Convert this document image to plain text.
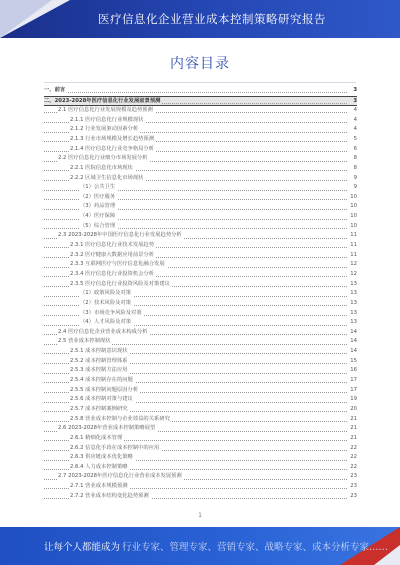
医疗信息化企业营业成本控制策略研究报告
内容目录
一、前言	3
二、2023-2028年医疗信息化行业发展前景预测	3
2.1 医疗信息化行业发展规模及趋势预测	4
2.1.1 医疗信息化行业规模现状	4
2.1.2 行业发展驱动因素分析	4
2.1.3 行业市场规模及增长趋势预测	5
2.1.4 医疗信息化行业竞争格局分析	6
2.2 医疗信息化行业细分市场发展分析	8
2.2.1 医院信息化市场现状	8
2.2.2 区域卫生信息化市场现状	9
（1）公共卫生	9
（2）医疗服务	10
（3）药品管理	10
（4）医疗保障	10
（5）综合管理	10
2.3 2023-2028年中国医疗信息化行业发展趋势分析	11
2.3.1 医疗信息化行业技术发展趋势	11
2.3.2 医疗健康大数据应用前景分析	11
2.3.3 互联网医疗与医疗信息化融合发展	12
2.3.4 医疗信息化行业投资机会分析	12
2.3.5 医疗信息化行业投资风险及对策建议	13
（1）政策风险及对策	13
（2）技术风险及对策	13
（3）市场竞争风险及对策	13
（4）人才风险及对策	13
2.4 医疗信息化企业营业成本构成分析	14
2.5 营业成本控制现状	14
2.5.1 成本控制意识现状	14
2.5.2 成本控制管理体系	15
2.5.3 成本控制方法应用	16
2.5.4 成本控制存在的问题	17
2.5.5 成本控制问题原因分析	17
2.5.6 成本控制对策与建议	19
2.5.7 成本控制案例研究	20
2.5.8 营业成本控制与企业效益的关系研究	21
2.6 2023-2028年营业成本控制策略展望	21
2.6.1 精细化成本管理	21
2.6.2 信息化手段在成本控制中的应用	22
2.6.3 供应链成本优化策略	22
2.6.4 人力成本控制策略	22
2.7 2023-2028年医疗信息化行业营业成本发展预测	23
2.7.1 营业成本规模预测	23
2.7.2 营业成本结构变化趋势预测	23
1
让每个人都能成为 行业专家、管理专家、营销专家、战略专家、成本分析专家……
